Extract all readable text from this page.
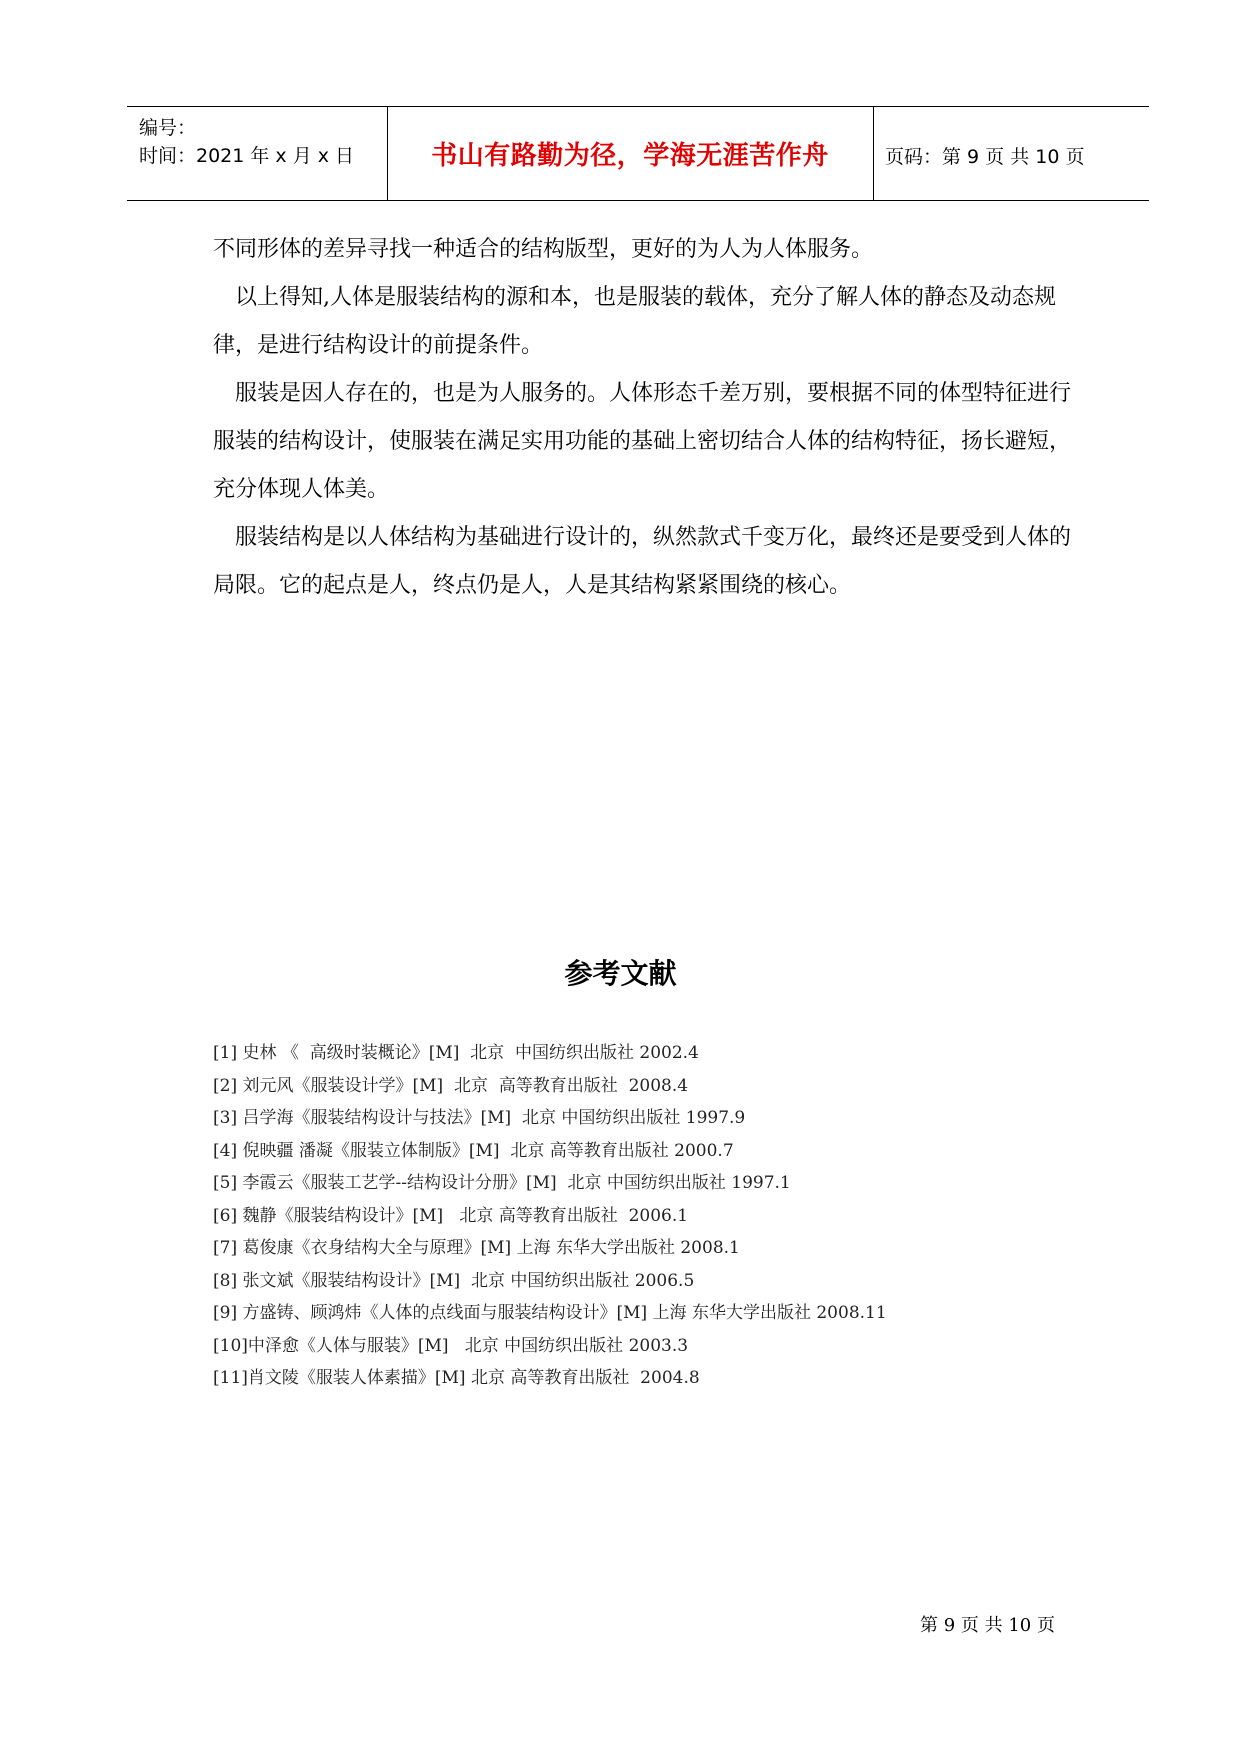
编号：
时间：2021 年 x 月 x 日	书山有路勤为径，学海无涯苦作舟	页码：第 9 页 共 10 页

不同形体的差异寻找一种适合的结构版型，更好的为人为人体服务。

以上得知,人体是服装结构的源和本，也是服装的载体，充分了解人体的静态及动态规律，是进行结构设计的前提条件。

服装是因人存在的，也是为人服务的。人体形态千差万别，要根据不同的体型特征进行服装的结构设计，使服装在满足实用功能的基础上密切结合人体的结构特征，扬长避短，充分体现人体美。

服装结构是以人体结构为基础进行设计的，纵然款式千变万化，最终还是要受到人体的局限。它的起点是人，终点仍是人，人是其结构紧紧围绕的核心。

参考文献
[1] 史林 《  高级时装概论》[M]  北京  中国纺织出版社 2002.4
[2] 刘元风《服装设计学》[M]  北京  高等教育出版社  2008.4
[3] 吕学海《服装结构设计与技法》[M]  北京 中国纺织出版社 1997.9
[4] 倪映疆 潘凝《服装立体制版》[M]  北京 高等教育出版社 2000.7
[5] 李霞云《服装工艺学--结构设计分册》[M]  北京 中国纺织出版社 1997.1
[6] 魏静《服装结构设计》[M]   北京 高等教育出版社  2006.1
[7] 葛俊康《衣身结构大全与原理》[M] 上海 东华大学出版社 2008.1
[8] 张文斌《服装结构设计》[M]  北京 中国纺织出版社 2006.5
[9] 方盛铸、顾鸿炜《人体的点线面与服装结构设计》[M] 上海 东华大学出版社 2008.11
[10]中泽愈《人体与服装》[M]   北京 中国纺织出版社 2003.3
[11]肖文陵《服装人体素描》[M] 北京 高等教育出版社  2004.8
第 9 页 共 10 页
